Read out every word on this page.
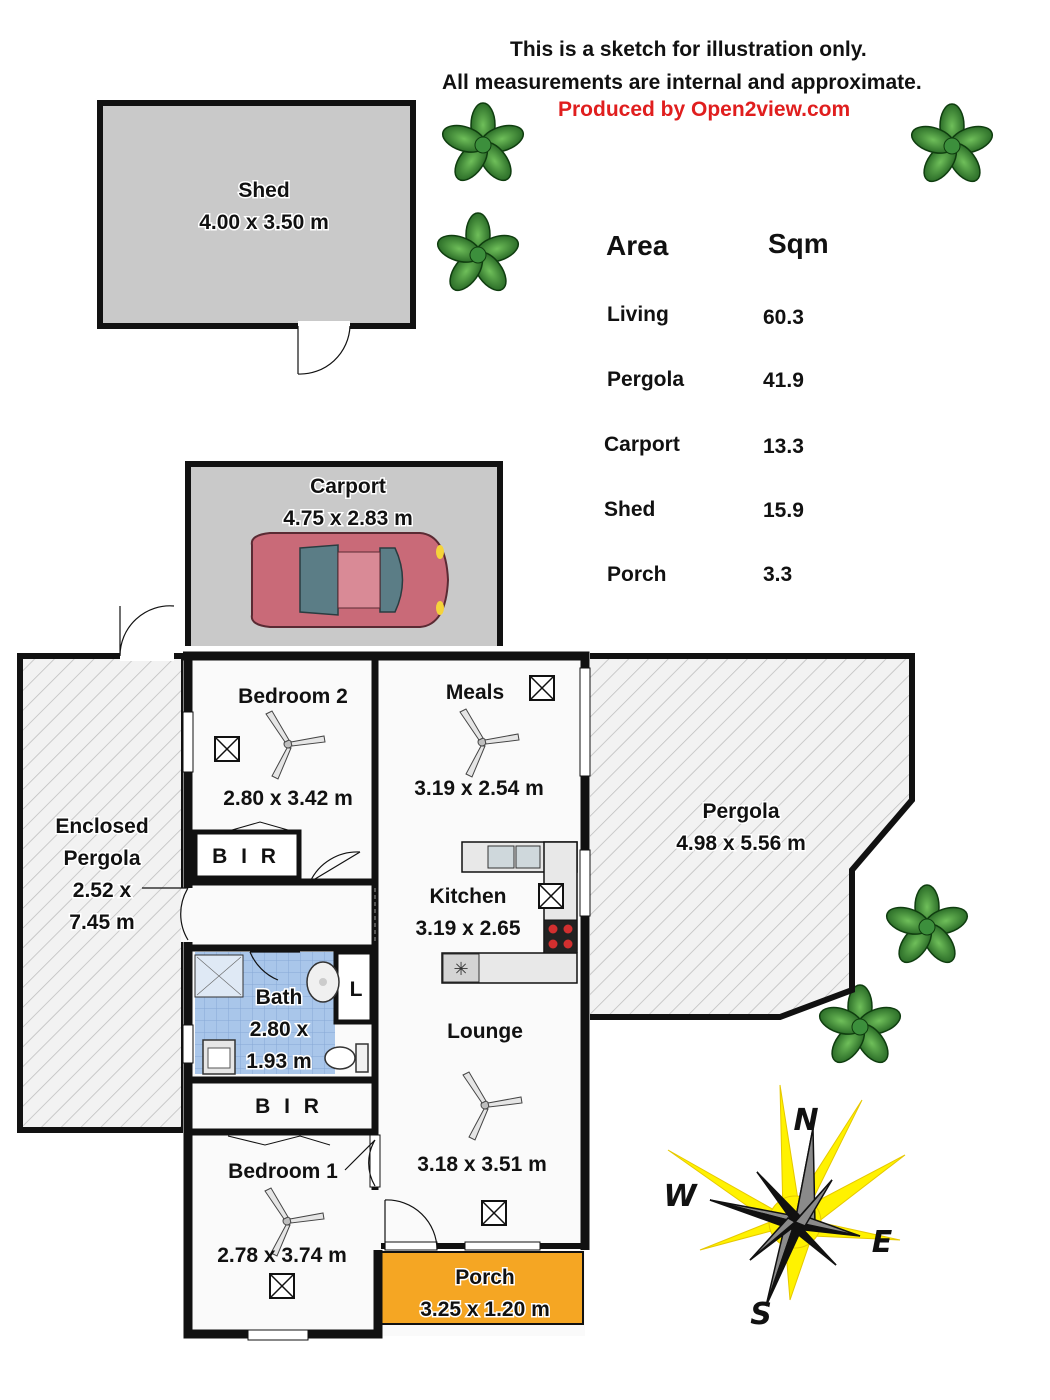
This is a sketch for illustration only.
All measurements are internal and approximate.
Produced by Open2view.com
Area	Sqm
Living	60.3
Pergola	41.9
Carport	13.3
Shed	15.9
Porch	3.3
Shed
4.00 x 3.50 m
Carport
4.75 x 2.83 m
Enclosed
Pergola
2.52 x
7.45 m
Pergola
4.98 x 5.56 m
✳
Bedroom 2
2.80 x 3.42 m
Meals
3.19 x 2.54 m
B I R
Kitchen
3.19 x 2.65
Bath
2.80 x
1.93 m
L
Lounge
B I R
3.18 x 3.51 m
Bedroom 1
2.78 x 3.74 m
Porch
3.25 x 1.20 m
N
E
S
W
